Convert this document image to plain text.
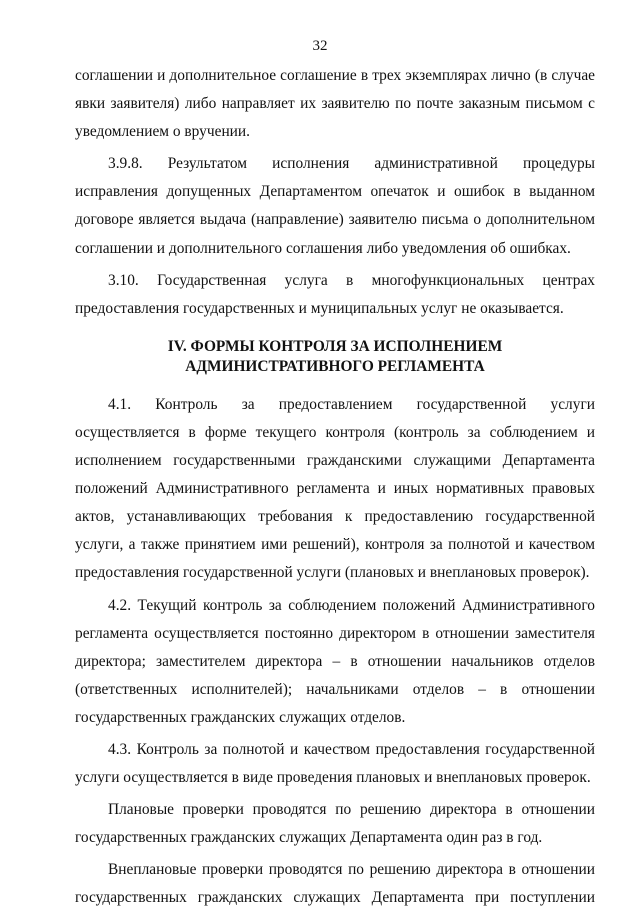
32

соглашении и дополнительное соглашение в трех экземплярах лично (в случае явки заявителя) либо направляет их заявителю по почте заказным письмом с уведомлением о вручении.

3.9.8. Результатом исполнения административной процедуры исправления допущенных Департаментом опечаток и ошибок в выданном договоре является выдача (направление) заявителю письма о дополнительном соглашении и дополнительного соглашения либо уведомления об ошибках.

3.10. Государственная услуга в многофункциональных центрах предоставления государственных и муниципальных услуг не оказывается.

IV. ФОРМЫ КОНТРОЛЯ ЗА ИСПОЛНЕНИЕМ
АДМИНИСТРАТИВНОГО РЕГЛАМЕНТА

4.1. Контроль за предоставлением государственной услуги осуществляется в форме текущего контроля (контроль за соблюдением и исполнением государственными гражданскими служащими Департамента положений Административного регламента и иных нормативных правовых актов, устанавливающих требования к предоставлению государственной услуги, а также принятием ими решений), контроля за полнотой и качеством предоставления государственной услуги (плановых и внеплановых проверок).

4.2. Текущий контроль за соблюдением положений Административного регламента осуществляется постоянно директором в отношении заместителя директора; заместителем директора – в отношении начальников отделов (ответственных исполнителей); начальниками отделов – в отношении государственных гражданских служащих отделов.

4.3. Контроль за полнотой и качеством предоставления государственной услуги осуществляется в виде проведения плановых и внеплановых проверок.

Плановые проверки проводятся по решению директора в отношении государственных гражданских служащих Департамента один раз в год.

Внеплановые проверки проводятся по решению директора в отношении государственных гражданских служащих Департамента при поступлении
